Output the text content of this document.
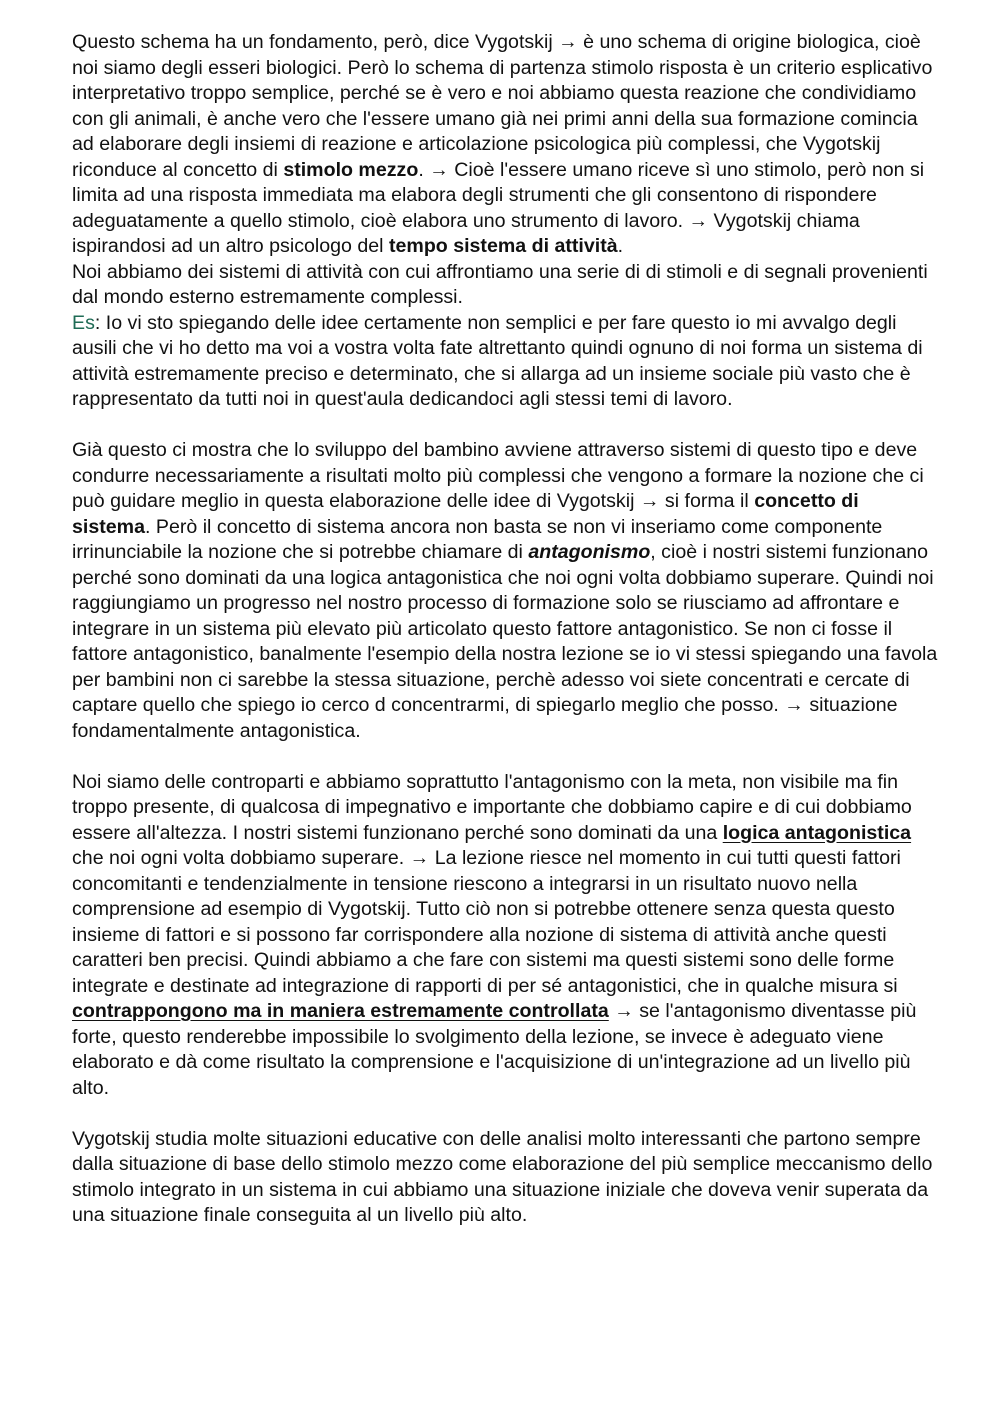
Questo schema ha un fondamento, però, dice Vygotskij → è uno schema di origine biologica, cioè noi siamo degli esseri biologici. Però lo schema di partenza stimolo risposta è un criterio esplicativo interpretativo troppo semplice, perché se è vero e noi abbiamo questa reazione che condividiamo con gli animali, è anche vero che l'essere umano già nei primi anni della sua formazione comincia ad elaborare degli insiemi di reazione e articolazione psicologica più complessi, che Vygotskij riconduce al concetto di stimolo mezzo. → Cioè l'essere umano riceve sì uno stimolo, però non si limita ad una risposta immediata ma elabora degli strumenti che gli consentono di rispondere adeguatamente a quello stimolo, cioè elabora uno strumento di lavoro. → Vygotskij chiama ispirandosi ad un altro psicologo del tempo sistema di attività.

Noi abbiamo dei sistemi di attività con cui affrontiamo una serie di di stimoli e di segnali provenienti dal mondo esterno estremamente complessi.

Es: Io vi sto spiegando delle idee certamente non semplici e per fare questo io mi avvalgo degli ausili che vi ho detto ma voi a vostra volta fate altrettanto quindi ognuno di noi forma un sistema di attività estremamente preciso e determinato, che si allarga ad un insieme sociale più vasto che è rappresentato da tutti noi in quest'aula dedicandoci agli stessi temi di lavoro.

Già questo ci mostra che lo sviluppo del bambino avviene attraverso sistemi di questo tipo e deve condurre necessariamente a risultati molto più complessi che vengono a formare la nozione che ci può guidare meglio in questa elaborazione delle idee di Vygotskij → si forma il concetto di sistema. Però il concetto di sistema ancora non basta se non vi inseriamo come componente irrinunciabile la nozione che si potrebbe chiamare di antagonismo, cioè i nostri sistemi funzionano perché sono dominati da una logica antagonistica che noi ogni volta dobbiamo superare. Quindi noi raggiungiamo un progresso nel nostro processo di formazione solo se riusciamo ad affrontare e integrare in un sistema più elevato più articolato questo fattore antagonistico. Se non ci fosse il fattore antagonistico, banalmente l'esempio della nostra lezione se io vi stessi spiegando una favola per bambini non ci sarebbe la stessa situazione, perchè adesso voi siete concentrati e cercate di captare quello che spiego io cerco d concentrarmi, di spiegarlo meglio che posso. → situazione fondamentalmente antagonistica.

Noi siamo delle controparti e abbiamo soprattutto l'antagonismo con la meta, non visibile ma fin troppo presente, di qualcosa di impegnativo e importante che dobbiamo capire e di cui dobbiamo essere all'altezza. I nostri sistemi funzionano perché sono dominati da una logica antagonistica che noi ogni volta dobbiamo superare. → La lezione riesce nel momento in cui tutti questi fattori concomitanti e tendenzialmente in tensione riescono a integrarsi in un risultato nuovo nella comprensione ad esempio di Vygotskij. Tutto ciò non si potrebbe ottenere senza questa questo insieme di fattori e si possono far corrispondere alla nozione di sistema di attività anche questi caratteri ben precisi. Quindi abbiamo a che fare con sistemi ma questi sistemi sono delle forme integrate e destinate ad integrazione di rapporti di per sé antagonistici, che in qualche misura si contrappongono ma in maniera estremamente controllata → se l'antagonismo diventasse più forte, questo renderebbe impossibile lo svolgimento della lezione, se invece è adeguato viene elaborato e dà come risultato la comprensione e l'acquisizione di un'integrazione ad un livello più alto.

Vygotskij studia molte situazioni educative con delle analisi molto interessanti che partono sempre dalla situazione di base dello stimolo mezzo come elaborazione del più semplice meccanismo dello stimolo integrato in un sistema in cui abbiamo una situazione iniziale che doveva venir superata da una situazione finale conseguita al un livello più alto.
